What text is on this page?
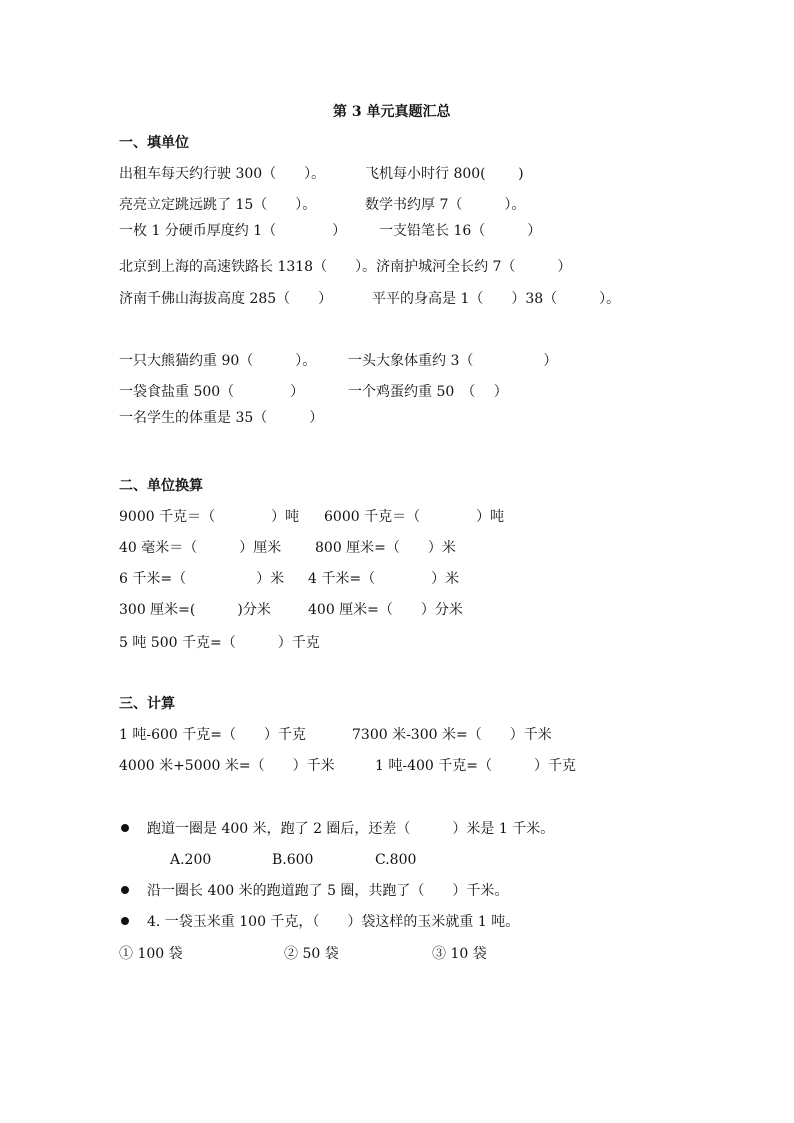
第 3 单元真题汇总
一、填单位
出租车每天约行驶 300（　　）。	飞机每小时行 800(　　 )
亮亮立定跳远跳了 15（　　）。	数学书约厚 7（　　　）。
一枚 1 分硬币厚度约 1（　　　　） 一支铅笔长 16（　　　）
北京到上海的高速铁路长 1318（　　）。济南护城河全长约 7（　　　）
济南千佛山海拔高度 285（　　）	平平的身高是 1（　　）38（　　　）。
一只大熊猫约重 90（　　　）。 一头大象体重约 3（　　　　　）
一袋食盐重 500（　　　　）	一个鸡蛋约重 50　（　 ）
一名学生的体重是 35（　　　）
二、单位换算
9000 千克＝（　　　　）吨 6000 千克＝（　　　　）吨
40 毫米＝（　　　）厘米 800 厘米=（　　）米
6 千米=（　　　　　）米 4 千米=（　　　　）米
300 厘米=(　　　)分米	400 厘米=（　　）分米
5 吨 500 千克=（　　　）千克
三、计算
1 吨-600 千克=（　　）千克	7300 米-300 米=（　　）千米
4000 米+5000 米=（　　）千米	1 吨-400 千克=（　　　）千克
跑道一圈是 400 米，跑了 2 圈后，还差（　　　）米是 1 千米。
A.200	B.600	C.800
沿一圈长 400 米的跑道跑了 5 圈，共跑了（　　）千米。
4. 一袋玉米重 100 千克，（　　）袋这样的玉米就重 1 吨。
① 100 袋	② 50 袋	③ 10 袋
